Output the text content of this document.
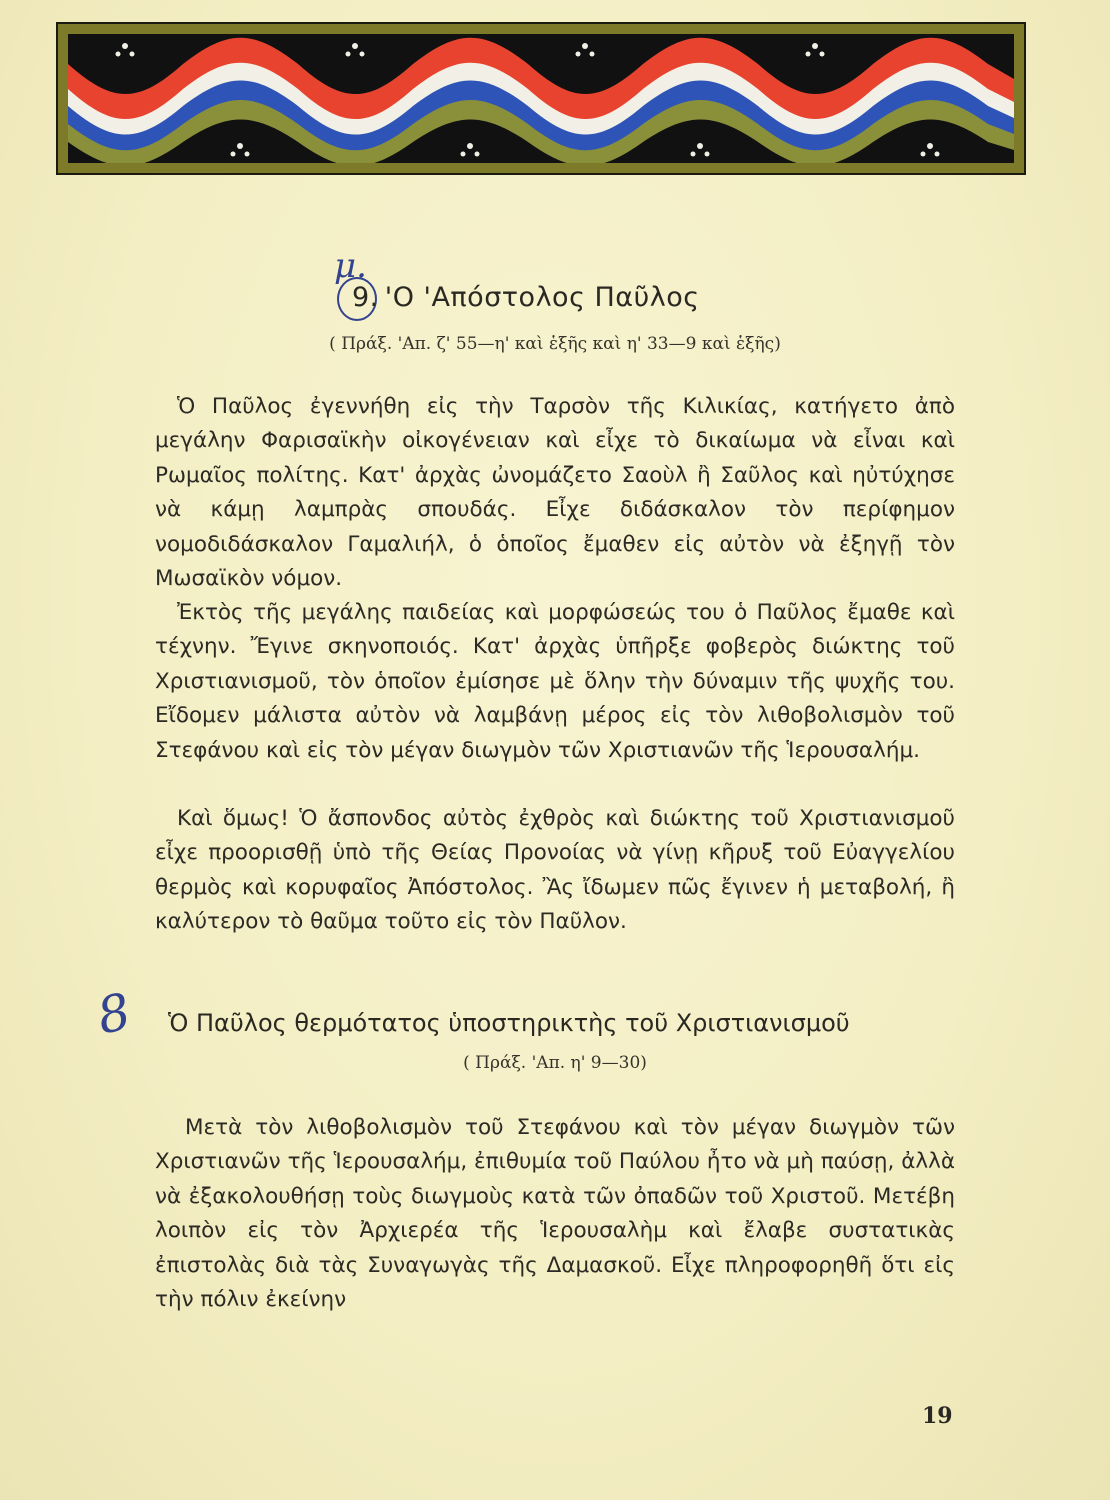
μ.
9. 'Ο 'Απόστολος Παῦλος
( Πράξ. 'Απ. ζ' 55—η' καὶ ἑξῆς καὶ η' 33—9 καὶ ἑξῆς)

Ὁ Παῦλος ἐγεννήθη εἰς τὴν Ταρσὸν τῆς Κιλικίας, κατήγετο ἀπὸ μεγάλην Φαρισαϊκὴν οἰκογένειαν καὶ εἶχε τὸ δικαίωμα νὰ εἶναι καὶ Ρωμαῖος πολίτης. Κατ' ἀρχὰς ὠνομάζετο Σαοὺλ ἢ Σαῦλος καὶ ηὐτύχησε νὰ κάμῃ λαμπρὰς σπουδάς. Εἶχε διδάσκαλον τὸν περίφημον νομοδιδάσκαλον Γαμαλιήλ, ὁ ὁποῖος ἔμαθεν εἰς αὐτὸν νὰ ἐξηγῇ τὸν Μωσαϊκὸν νόμον.

Ἐκτὸς τῆς μεγάλης παιδείας καὶ μορφώσεώς του ὁ Παῦλος ἔμαθε καὶ τέχνην. Ἔγινε σκηνοποιός. Κατ' ἀρχὰς ὑπῆρξε φοβερὸς διώκτης τοῦ Χριστιανισμοῦ, τὸν ὁποῖον ἐμίσησε μὲ ὅλην τὴν δύναμιν τῆς ψυχῆς του. Εἴδομεν μάλιστα αὐτὸν νὰ λαμβάνῃ μέρος εἰς τὸν λιθοβολισμὸν τοῦ Στεφάνου καὶ εἰς τὸν μέγαν διωγμὸν τῶν Χριστιανῶν τῆς Ἱερουσαλήμ.

Καὶ ὅμως! Ὁ ἄσπονδος αὐτὸς ἐχθρὸς καὶ διώκτης τοῦ Χριστιανισμοῦ εἶχε προορισθῇ ὑπὸ τῆς Θείας Προνοίας νὰ γίνῃ κῆρυξ τοῦ Εὐαγγελίου θερμὸς καὶ κορυφαῖος Ἀπόστολος. Ἂς ἴδωμεν πῶς ἔγινεν ἡ μεταβολή, ἢ καλύτερον τὸ θαῦμα τοῦτο εἰς τὸν Παῦλον.

8 Ὁ Παῦλος θερμότατος ὑποστηρικτὴς τοῦ Χριστιανισμοῦ
( Πράξ. 'Απ. η' 9—30)

Μετὰ τὸν λιθοβολισμὸν τοῦ Στεφάνου καὶ τὸν μέγαν διωγμὸν τῶν Χριστιανῶν τῆς Ἱερουσαλήμ, ἐπιθυμία τοῦ Παύλου ἦτο νὰ μὴ παύσῃ, ἀλλὰ νὰ ἐξακολουθήσῃ τοὺς διωγμοὺς κατὰ τῶν ὀπαδῶν τοῦ Χριστοῦ. Μετέβη λοιπὸν εἰς τὸν Ἀρχιερέα τῆς Ἱερουσαλὴμ καὶ ἔλαβε συστατικὰς ἐπιστολὰς διὰ τὰς Συναγωγὰς τῆς Δαμασκοῦ. Εἶχε πληροφορηθῆ ὅτι εἰς τὴν πόλιν ἐκείνην

19
